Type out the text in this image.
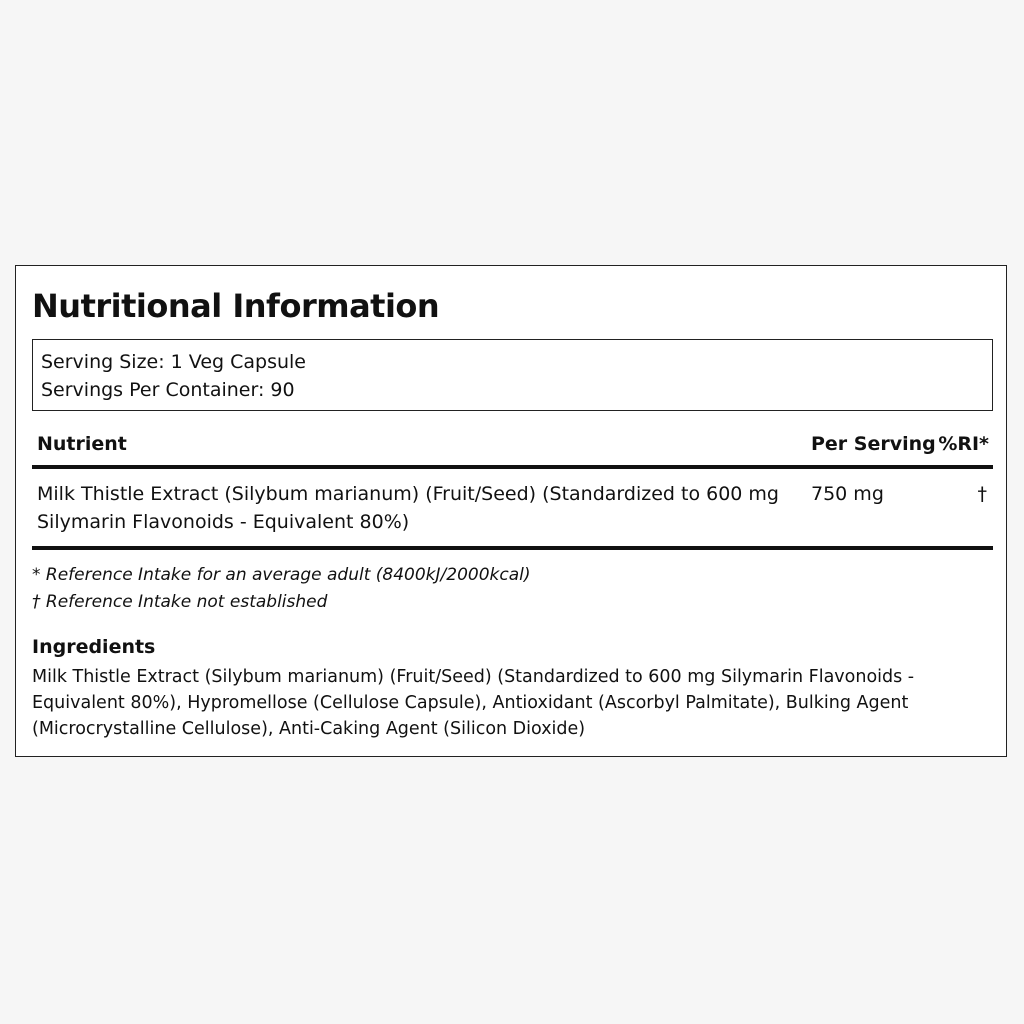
Nutritional Information
Serving Size: 1 Veg Capsule
Servings Per Container: 90
Nutrient	Per Serving %RI*
Milk Thistle Extract (Silybum marianum) (Fruit/Seed) (Standardized to 600 mg Silymarin Flavonoids - Equivalent 80%)
750 mg	†
* Reference Intake for an average adult (8400kJ/2000kcal)
† Reference Intake not established
Ingredients
Milk Thistle Extract (Silybum marianum) (Fruit/Seed) (Standardized to 600 mg Silymarin Flavonoids - Equivalent 80%), Hypromellose (Cellulose Capsule), Antioxidant (Ascorbyl Palmitate), Bulking Agent (Microcrystalline Cellulose), Anti-Caking Agent (Silicon Dioxide)
